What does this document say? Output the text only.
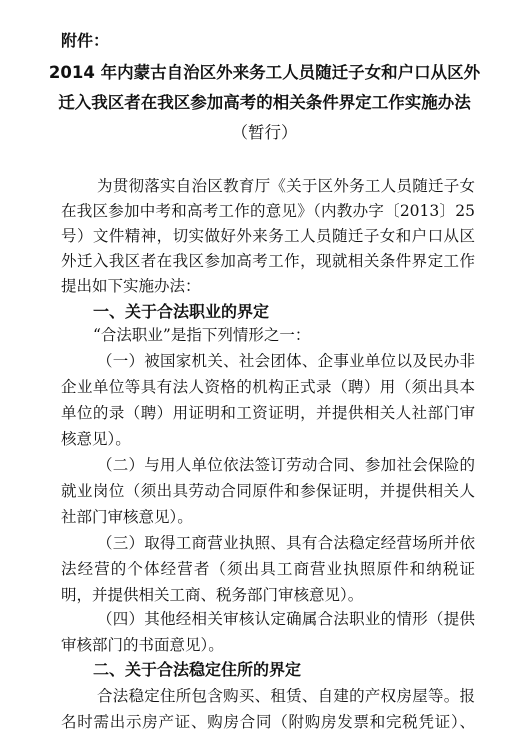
附件：
2014 年内蒙古自治区外来务工人员随迁子女和户口从区外
迁入我区者在我区参加高考的相关条件界定工作实施办法
（暂行）
为贯彻落实自治区教育厅《关于区外务工人员随迁子女
在我区参加中考和高考工作的意见》（内教办字〔2013〕25
号）文件精神，切实做好外来务工人员随迁子女和户口从区
外迁入我区者在我区参加高考工作，现就相关条件界定工作
提出如下实施办法：
一、关于合法职业的界定
“合法职业”是指下列情形之一：
（一）被国家机关、社会团体、企事业单位以及民办非
企业单位等具有法人资格的机构正式录（聘）用（须出具本
单位的录（聘）用证明和工资证明，并提供相关人社部门审
核意见）。
（二）与用人单位依法签订劳动合同、参加社会保险的
就业岗位（须出具劳动合同原件和参保证明，并提供相关人
社部门审核意见）。
（三）取得工商营业执照、具有合法稳定经营场所并依
法经营的个体经营者（须出具工商营业执照原件和纳税证
明，并提供相关工商、税务部门审核意见）。
（四）其他经相关审核认定确属合法职业的情形（提供
审核部门的书面意见）。
二、关于合法稳定住所的界定
合法稳定住所包含购买、租赁、自建的产权房屋等。报
名时需出示房产证、购房合同（附购房发票和完税凭证）、
